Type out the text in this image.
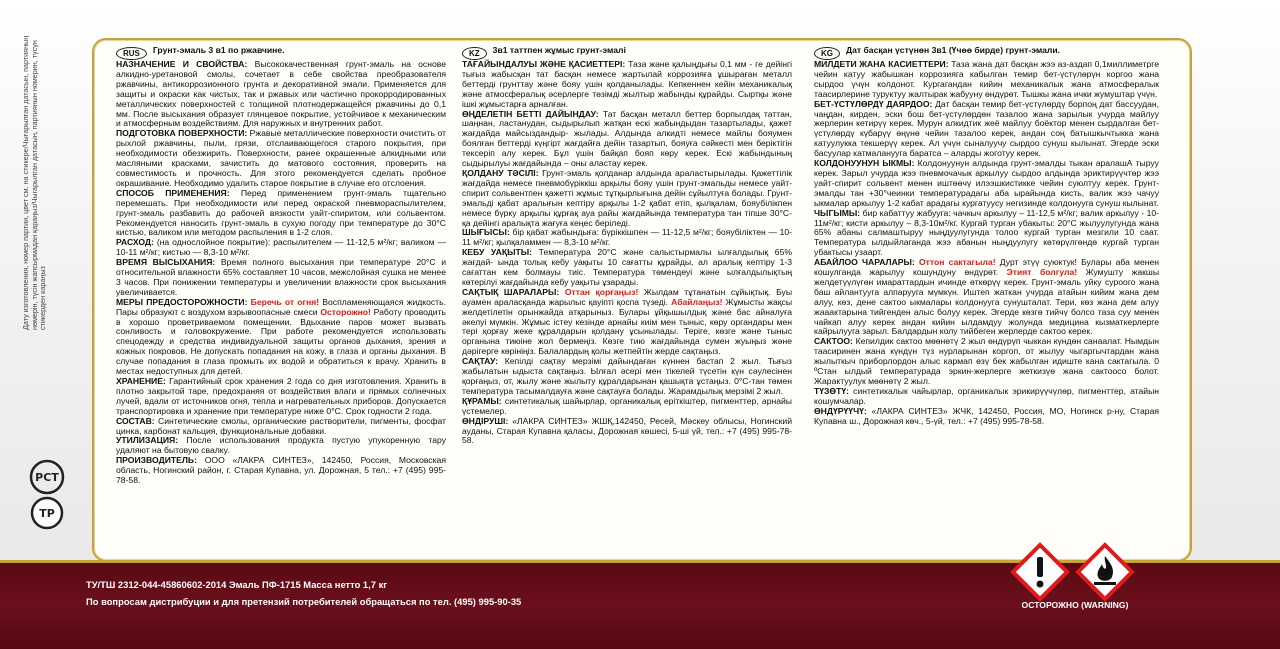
Дату изготовления, номер партии, цвет см. на стикере/Чығарылған датасын, партияның нөмерін, түсін жапсырмадан қараңыз/Чыгарылган датасын, партиянын номерин, түсүн стикерден караңыз

РСТ
ТР
RUS	Грунт-эмаль 3 в1 по ржавчине.

НАЗНАЧЕНИЕ И СВОЙСТВА: Высококачественная грунт-эмаль на основе алкидно-уретановой смолы, сочетает в себе свойства преобразователя ржавчины, антикоррозионного грунта и декоративной эмали. Применяется для защиты и окраски как чистых, так и ржавых или частично прокорродированных металлических поверхностей с толщиной плотнодержащейся ржавчины до 0,1 мм. После высыхания образует глянцевое покрытие, устойчивое к механическим и атмосферным воздействиям. Для наружных и внутренних работ.

ПОДГОТОВКА ПОВЕРХНОСТИ: Ржавые металлические поверхности очистить от рыхлой ржавчины, пыли, грязи, отслаивающегося старого покрытия, при необходимости обезжирить. Поверхности, ранее окрашенные алкидными или масляными красками, зачистить до матового состояния, проверить на совместимость и прочность. Для этого рекомендуется сделать пробное окрашивание. Необходимо удалить старое покрытие в случае его отслоения.

СПОСОБ ПРИМЕНЕНИЯ: Перед применением грунт-эмаль тщательно перемешать. При необходимости или перед окраской пневмораспылителем, грунт-эмаль разбавить до рабочей вязкости уайт-спиритом, или сольвентом. Рекомендуется наносить грунт-эмаль в сухую погоду при температуре до 30°С кистью, валиком или методом распыления в 1-2 слоя.

РАСХОД: (на однослойное покрытие): распылителем — 11-12,5 м²/кг; валиком — 10-11 м²/кг; кистью — 8,3-10 м²/кг.

ВРЕМЯ ВЫСЫХАНИЯ: Время полного высыхания при температуре 20°С и относительной влажности 65% составляет 10 часов, межслойная сушка не менее 3 часов. При понижении температуры и увеличении влажности срок высыхания увеличивается.

МЕРЫ ПРЕДОСТОРОЖНОСТИ: Беречь от огня! Воспламеняющаяся жидкость. Пары образуют с воздухом взрывоопасные смеси Осторожно! Работу проводить в хорошо проветриваемом помещении. Вдыхание паров может вызвать сонливость и головокружение. При работе рекомендуется использовать спецодежду и средства индивидуальной защиты органов дыхания, зрения и кожных покровов. Не допускать попадания на кожу, в глаза и органы дыхания. В случае попадания в глаза промыть их водой и обратиться к врачу. Хранить в местах недоступных для детей.

ХРАНЕНИЕ: Гарантийный срок хранения 2 года со дня изготовления. Хранить в плотно закрытой таре, предохраняя от воздействия влаги и прямых солнечных лучей, вдали от источников огня, тепла и нагревательных приборов. Допускается транспортировка и хранение при температуре ниже 0°С. Срок годности 2 года.

СОСТАВ: Синтетические смолы, органические растворители, пигменты, фосфат цинка, карбонат кальция, функциональные добавки.

УТИЛИЗАЦИЯ: После использования продукта пустую упукоренную тару удаляют на бытовую свалку.

ПРОИЗВОДИТЕЛЬ: ООО «ЛАКРА СИНТЕЗ», 142450, Россия, Московская область, Ногинский район, г. Старая Купавна, ул. Дорожная, 5 тел.: +7 (495) 995-78-58.

KZ	3в1 таттпен жұмыс грунт-эмалі

ТАҒАЙЫНДАЛУЫ ЖӘНЕ ҚАСИЕТТЕРІ: Таза және қалыңдығы 0,1 мм - ге дейінгі тығыз жабысқан тат басқан немесе жартылай коррозияға ұшыраған металл беттерді грунттау және бояу үшін қолданылады. Кепкеннен кейін механикалық және атмосфералық әсерлерге төзімді жылтыр жабынды құрайды. Сыртқы және ішкі жұмыстарға арналған.

ӨҢДЕЛЕТІН БЕТТІ ДАЙЫНДАУ: Тат басқан металл беттер борпылдақ таттан, шаңнан, ластанудан, сыдырылып жатқан ескі жабындыдан тазартылады, қажет жағдайда майсыздандыр- жылады. Алдында алкидті немесе майлы бояумен боялған беттерді күңгірт жағдайға дейін тазартып, бояуға сәйкесті мен беріктігін тексеріп алу керек. Бұл үшін байқап бояп көру керек. Ескі жабындының сыдырылуы жағдайында – оны аластау керек.

ҚОЛДАНУ ТӘСІЛІ: Грунт-эмаль қолданар алдында араластырылады. Қажеттілік жағдайда немесе пневмобүріккіш арқылы бояу үшін грунт-эмальды немесе уайт-спирит сольвентпен қажетті жұмыс тұтқырлығына дейін сұйылтуға болады. Грунт-эмальді қабат аралығын кептіру арқылы 1-2 қабат етіп, қылқалам, бояубілікпен немесе бүрку арқылы құрғақ ауа райы жағдайында температура тан тіпше 30°С-қа дейінгі аралықта жағуға кеңес беріледі.

ШЫҒЫСЫ: бір қабат жабындыға: бүріккішпен — 11-12,5 м²/кг; бояубіліктен — 10-11 м²/кг; қылқаламмен — 8,3-10 м²/кг.

КЕБУ УАҚЫТЫ: Температура 20°С және салыстырмалы ылғалдылық 65% жағдай- ында толық кебу уақыты 10 сағатты құрайды, ал аралық кептіру 1-3 сағаттан кем болмауы тиіс. Температура төмендеуі және ылғалдылықтың көтерілуі жағдайында кебу уақыты ұзарады.

САҚТЫҚ ШАРАЛАРЫ: Оттан қорғаңыз! Жылдам тұтанатын сұйықтық. Буы ауамен араласқанда жарылыс қауіпті қоспа түзеді. Абайлаңыз! Жұмысты жақсы желдетілетін орынжайда атқарыныз. Булары ұйқышылдық және бас айналуға әкелуі мүмкін. Жұмыс істеу кезінде арнайы киім мен тыныс, көру органдары мен тері қорғау жеке құралдарын қолдану ұсынылады. Теріге, көзге және тыныс органына тиюіне жол бермеңіз. Көзге тию жағдайында сумен жуыңыз және дәрігерге көрініңіз. Балалардың қолы жетпейтін жерде сақтаңыз.

САҚТАУ: Кепілді сақтау мерзімі дайындаған күннен бастап 2 жыл. Тығыз жабылатын ыдыста сақтаңыз. Ылғал әсері мен тікелей түсетін күн сәулесінен қорғаңыз, от, жылу және жылыту құралдарынан қашықта ұстаңыз. 0°С-тан төмен температура тасымалдауға және сақтауға болады. Жарамдылық мерзімі 2 жыл.

ҚҰРАМЫ: синтетикалық шайырлар, органикалық еріткіштер, пигменттер, арнайы үстемелер.

ӨНДІРУШІ: «ЛАКРА СИНТЕЗ» ЖШҚ,142450, Ресей, Мәскеу облысы, Ногинский ауданы, Старая Купавна қаласы, Дорожная көшесі, 5-ші үй, тел.: +7 (495) 995-78-58.

KG	Дат басқан үстүнөн 3в1 (Үчөө бирде) грунт-эмали.

МИЛДЕТИ ЖАНА КАСИЕТТЕРИ: Таза жана дат басқан жээ аз-аздап 0,1миллиметрге чейин катуу жабышкан коррозияга кабылган темир бет-үстүлөрүн коргоо жана сырдоо үчүн колдонот. Кургагандан кийин механикалык жана атмосфералык таасирлерине туруктуу жалтырак жабууну өндүрөт. Тышкы жана ички жумуштар үчүн.

БЕТ-ҮСТҮЛӨРДҮ ДАЯРДОО: Дат басқан темир бет-үстүлөрдү борпоң дат бассуудан, чаңдан, кирден, эски бош бет-үстүлөрдөн тазалоо жана зарылык учурда майлуу жерлерин кетирүү керек. Мурун алкидтик жеё майлуу боёктор менен сырдалган бет-үстүлөрдү күбарүү өңүнө чейин тазалоо керек, андан соң батышкычтыкка жана катуулукка текшерүү керек. Ал үчүн сыналуучу сырдоо сунуш кылынат. Эгерде эски басуулар катмаланууга баратса – аларды жоготуу керек.

КОЛДОНУУНУН ЫКМЫ: Колдонуунун алдында грунт-эмалды тыкан аралашА тыруу керек. Зарыл учурда жээ пневмочачык аркылуу сырдоо алдында эриктирүүчтөр жээ уайт-спирит сольвент менен иштөөчү илээшкистикке чейин суюлтуу керек. Грунт-эмалды тан +30°чеинки температурадагы аба ырайында кисть, валик жээ чачуу ыкмалар аркылуу 1-2 кабат арадагы кургатуусу негизинде колдонууга сунуш кылынат.

ЧЫГЫМЫ: бир кабаттуу жабууга: чачкыч аркылуу – 11-12,5 м²/кг; валик аркылуу - 10-11м²/кг; кисти аркылуу – 8,3-10м²/кг. Кургай турган убакыты: 20°С жылуулугунда жана 65% абаны салмаштыруу ныңдуулугунда толоо кургай турган мезгили 10 саат. Температура ылдыйлаганда жээ абанын ныңдуулугу көтөрүлгөндө кургай турган убактысы узаарт.

АБАЙЛОО ЧАРАЛАРЫ: Оттон сактагыла! Дурт этүү суюктук! Булары аба менен кошулганда жарылуу кошундуну өндүрөт. Этият болгула! Жумушту жакшы желдетүүлүгөн имараттардын ичинде өткөрүү керек. Грунт-эмаль уйку суроого жана баш айлантууга алпарууга мүмкүн. Иштеп жаткан учурда атайын кийим жана дем алуу, көз, дене сактоо ыкмалары колдонууга сунушталат. Тери, көз жана дем алуу жааактарына тийгенден алыс болуу керек. Эгерде көзгө тийчү болсо таза суу менен чайкап алуу керек андан кийин ылдамдуу жолунда медицина кызматкерлерге кайрылууга зарыл. Балдардын колу тийбеген жерлерде сактоо керек.

САКТОО: Кепилдик сактоо мөөнөтү 2 жыл өндүрүп чыккан күндөн санаалат. Нымдын таасиринен жана күндүн түз нурларынан коргоп, от жылуу чыгаргычтардан жана жылыткыч приборлордон алыс кармап өзү бек жабылган идиште кана сактагыла. 0 ºСтан ылдый температурада эркин-жерлерге жеткизүө жана сактоосо болот. Жарактуулук мөөнөтү 2 жыл.

ТҮЗӨТҮ: синтетикалык чайырлар, органикалык эрикирүүчүлөр, пигменттер, атайын кошумчалар.

ӨНДҮРҮҮЧҮ: «ЛАКРА СИНТЕЗ» ЖЧК, 142450, Россия, МО, Ногинск р-ну, Старая Купавна ш., Дорожная көч., 5-үй, тел.: +7 (495) 995-78-58.

ТУ/ТШ 2312-044-45860602-2014 Эмаль ПФ-1715 Масса нетто 1,7 кг
По вопросам дистрибуции и для претензий потребителей обращаться по тел. (495) 995-90-35	ОСТОРОЖНО (WARNING)
